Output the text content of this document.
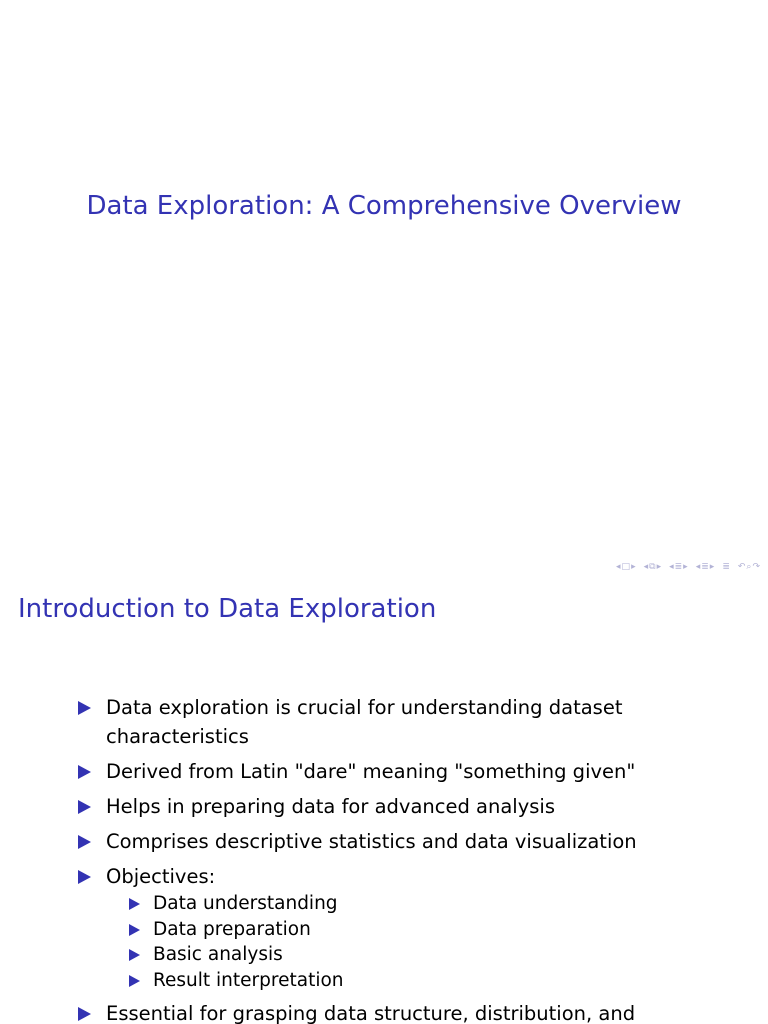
Data Exploration: A Comprehensive Overview
◂ □ ▸ ◂ ⧉ ▸ ◂ ≣ ▸ ◂ ≣ ▸ ≣ ↶ ⌕ ↷
Introduction to Data Exploration
Data exploration is crucial for understanding dataset characteristics
Derived from Latin "dare" meaning "something given"
Helps in preparing data for advanced analysis
Comprises descriptive statistics and data visualization
Objectives:
Data understanding
Data preparation
Basic analysis
Result interpretation
Essential for grasping data structure, distribution, and
